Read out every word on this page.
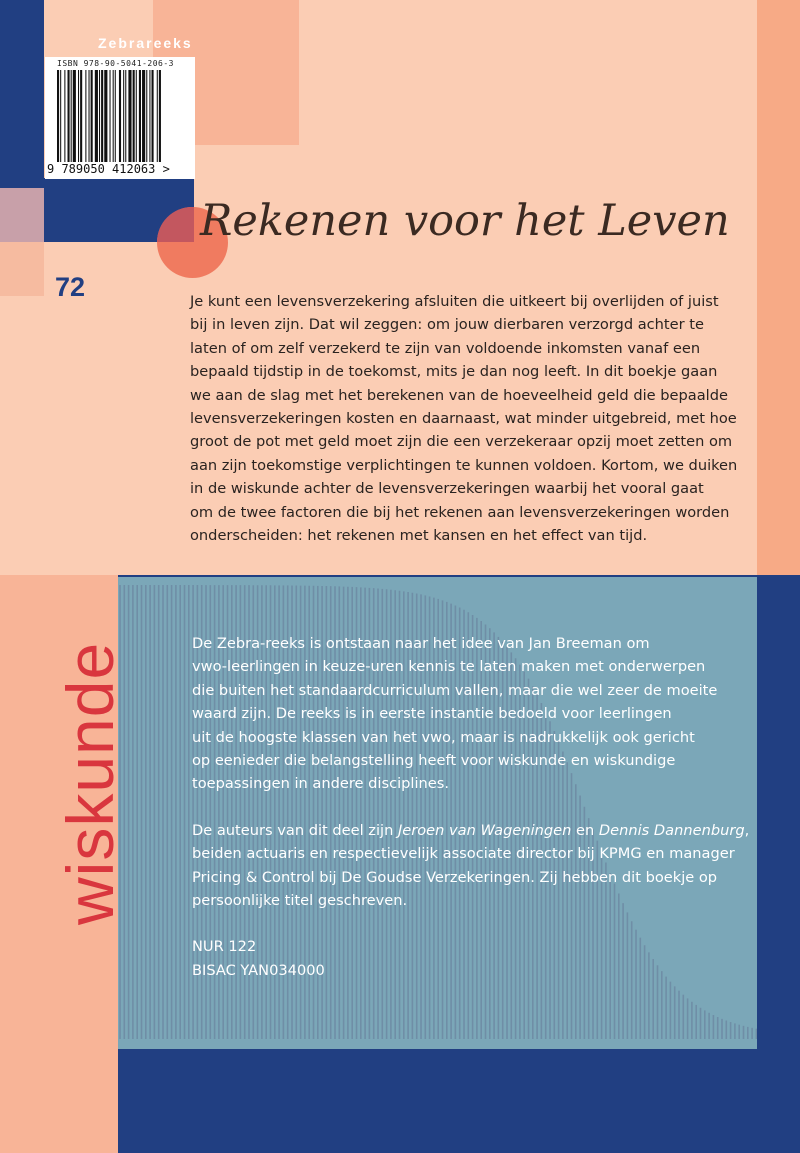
ISBN 978-90-5041-206-3
9 789050 412063 >
Zebrareeks
72
Rekenen voor het Leven

Je kunt een levensverzekering afsluiten die uitkeert bij overlijden of juist

bij in leven zijn. Dat wil zeggen: om jouw dierbaren verzorgd achter te

laten of om zelf verzekerd te zijn van voldoende inkomsten vanaf een

bepaald tijdstip in de toekomst, mits je dan nog leeft. In dit boekje gaan

we aan de slag met het berekenen van de hoeveelheid geld die bepaalde

levensverzekeringen kosten en daarnaast, wat minder uitgebreid, met hoe

groot de pot met geld moet zijn die een verzekeraar opzij moet zetten om

aan zijn toekomstige verplichtingen te kunnen voldoen. Kortom, we duiken

in de wiskunde achter de levensverzekeringen waarbij het vooral gaat

om de twee factoren die bij het rekenen aan levensverzekeringen worden

onderscheiden: het rekenen met kansen en het effect van tijd.

wiskunde	De Zebra-reeks is ontstaan naar het idee van Jan Breeman om

vwo-leerlingen in keuze-uren kennis te laten maken met onderwerpen

die buiten het standaardcurriculum vallen, maar die wel zeer de moeite

waard zijn. De reeks is in eerste instantie bedoeld voor leerlingen

uit de hoogste klassen van het vwo, maar is nadrukkelijk ook gericht

op eenieder die belangstelling heeft voor wiskunde en wiskundige

toepassingen in andere disciplines.

De auteurs van dit deel zijn Jeroen van Wageningen en Dennis Dannenburg,

beiden actuaris en respectievelijk associate director bij KPMG en manager

Pricing & Control bij De Goudse Verzekeringen. Zij hebben dit boekje op

persoonlijke titel geschreven.

NUR 122

BISAC YAN034000
